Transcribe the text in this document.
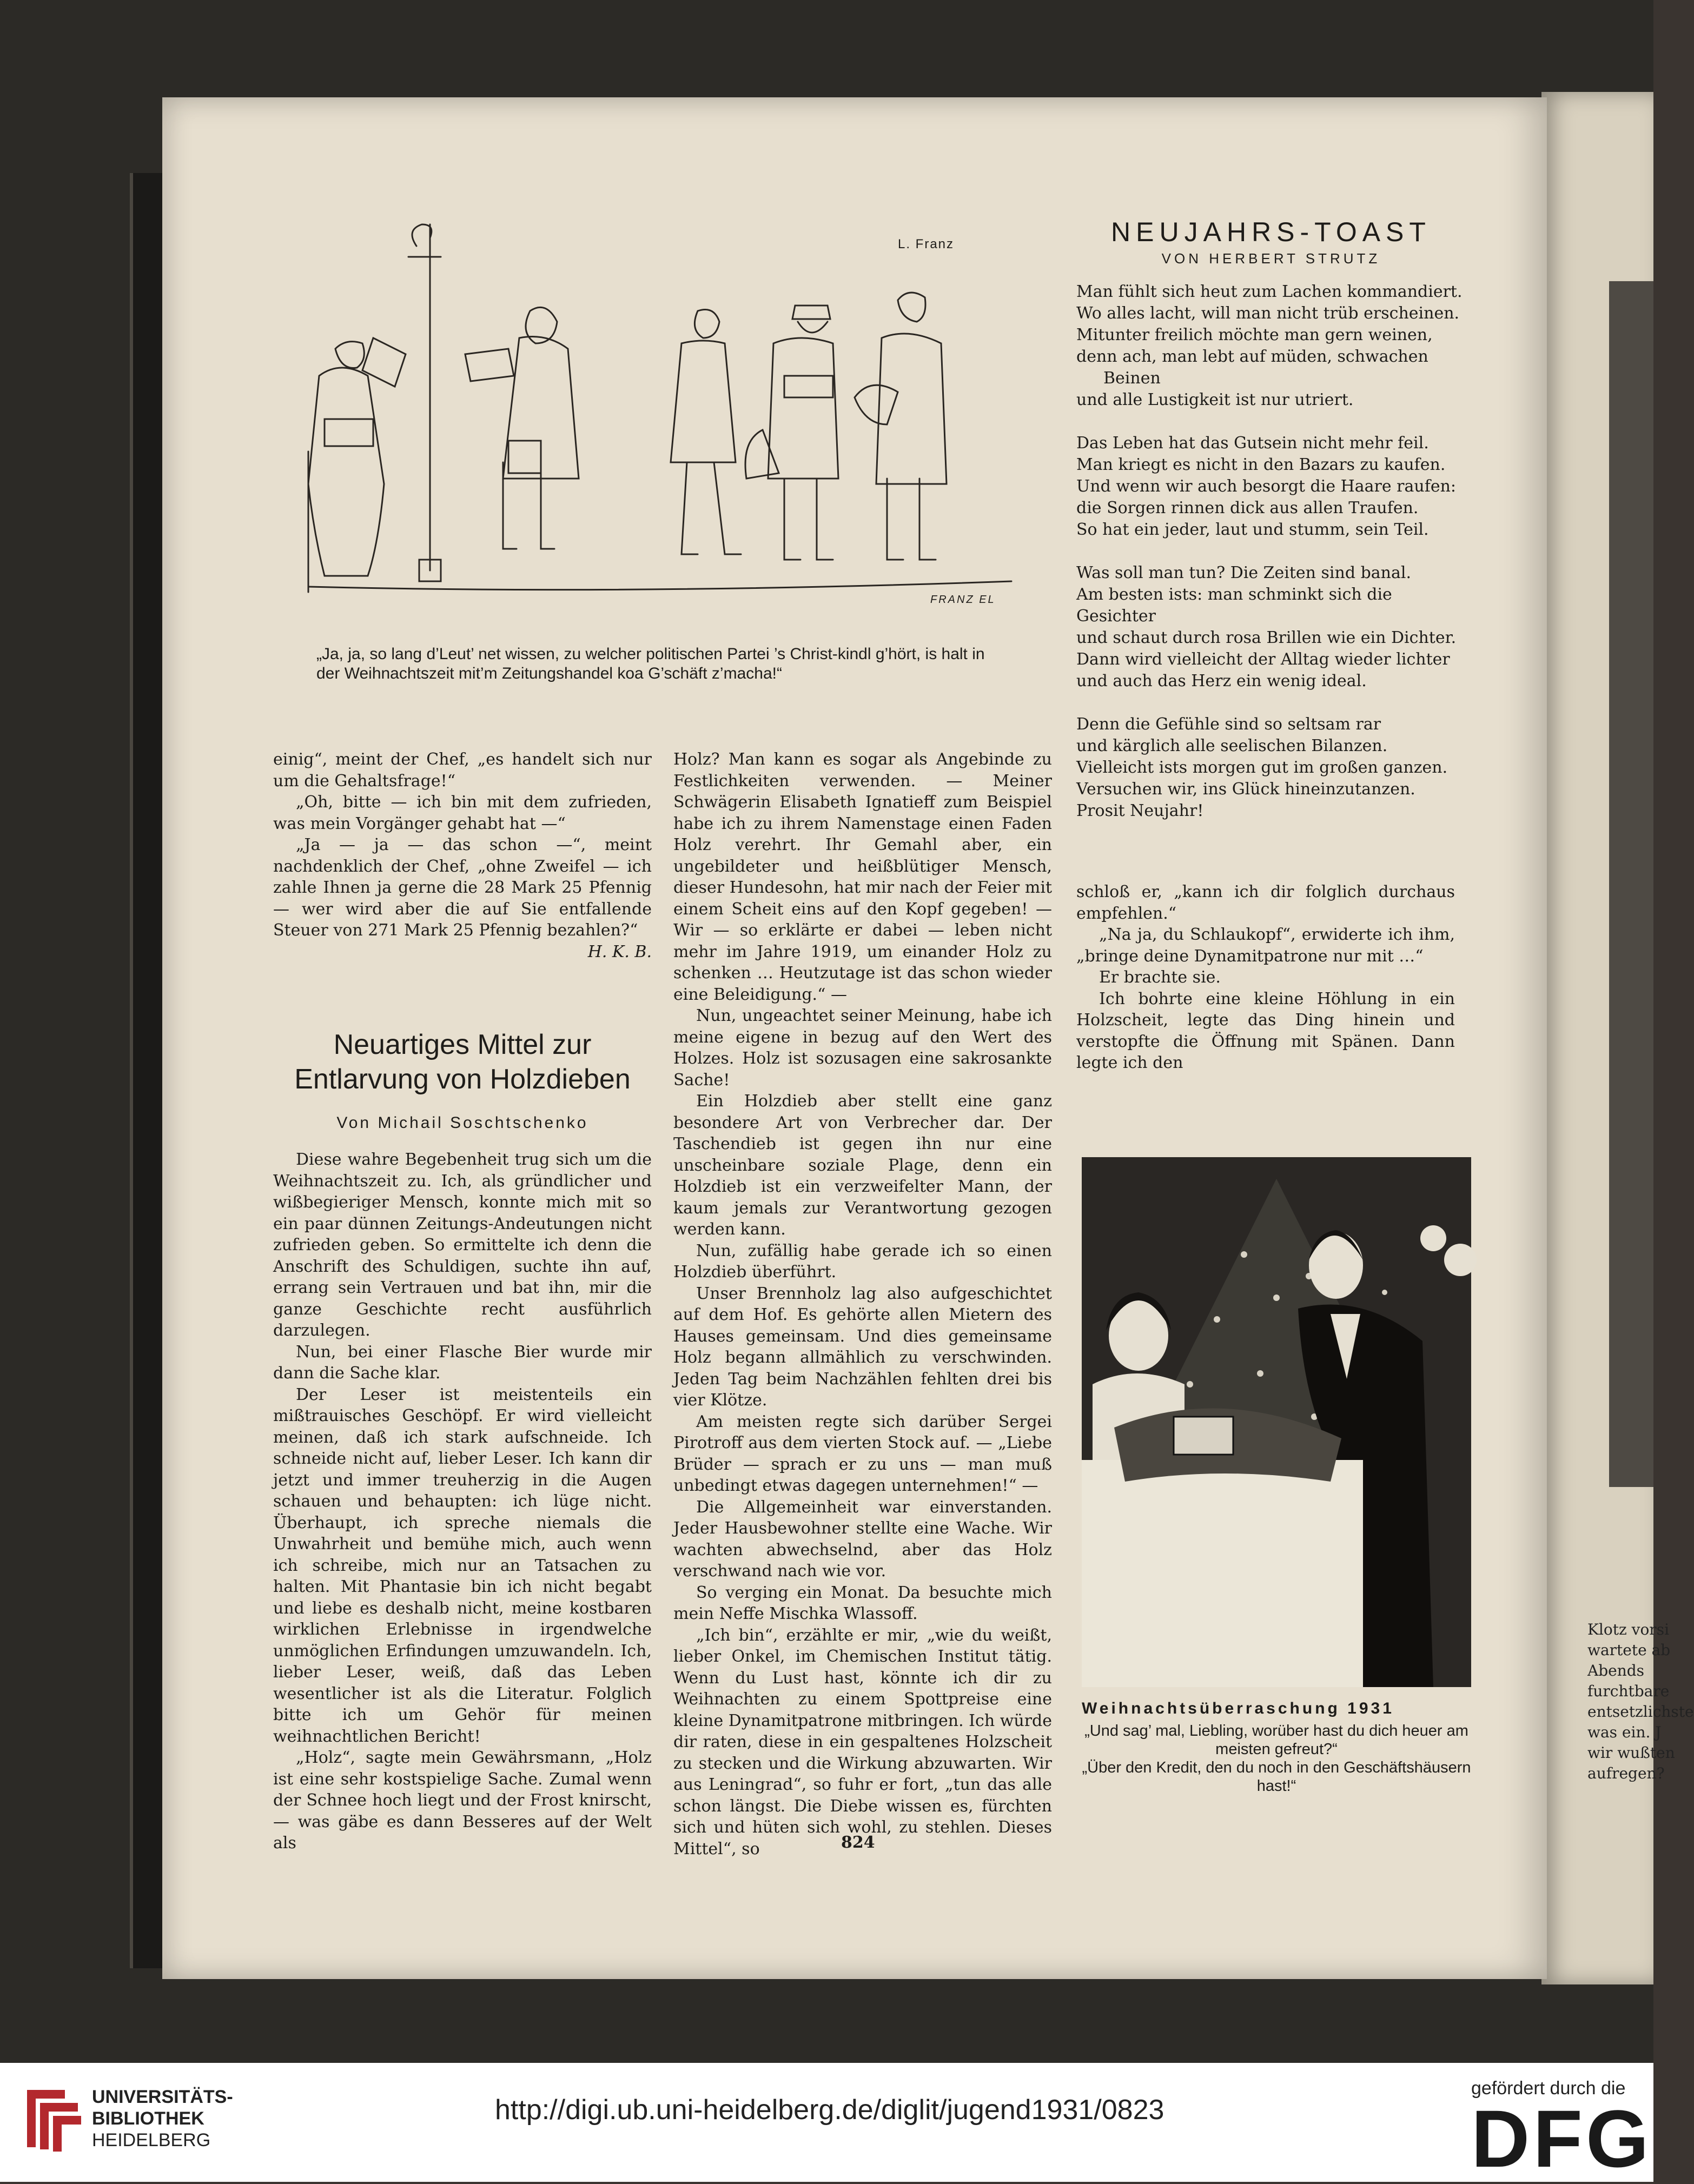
Klotz vorsi
wartete ab
Abends
furchtbare
entsetzlichste
was ein. J
wir wußten
aufregen?
L. Franz
FRANZ EL
„Ja, ja, so lang d’Leut’ net wissen, zu welcher politischen Partei ’s Christ-kindl g’hört, is halt in der Weihnachtszeit mit’m Zeitungshandel koa G’schäft z’macha!“
NEUJAHRS-TOAST
VON HERBERT STRUTZ
Man fühlt sich heut zum Lachen kommandiert.
Wo alles lacht, will man nicht trüb erscheinen.
Mitunter freilich möchte man gern weinen,
denn ach, man lebt auf müden, schwachen
Beinen
und alle Lustigkeit ist nur utriert.
Das Leben hat das Gutsein nicht mehr feil.
Man kriegt es nicht in den Bazars zu kaufen.
Und wenn wir auch besorgt die Haare raufen:
die Sorgen rinnen dick aus allen Traufen.
So hat ein jeder, laut und stumm, sein Teil.
Was soll man tun? Die Zeiten sind banal.
Am besten ists: man schminkt sich die Gesichter
und schaut durch rosa Brillen wie ein Dichter.
Dann wird vielleicht der Alltag wieder lichter
und auch das Herz ein wenig ideal.
Denn die Gefühle sind so seltsam rar
und kärglich alle seelischen Bilanzen.
Vielleicht ists morgen gut im großen ganzen.
Versuchen wir, ins Glück hineinzutanzen.
Prosit Neujahr!

einig“, meint der Chef, „es handelt sich nur um die Gehaltsfrage!“

„Oh, bitte — ich bin mit dem zufrieden, was mein Vorgänger gehabt hat —“

„Ja — ja — das schon —“, meint nachdenklich der Chef, „ohne Zweifel — ich zahle Ihnen ja gerne die 28 Mark 25 Pfennig — wer wird aber die auf Sie entfallende Steuer von 271 Mark 25 Pfennig bezahlen?“

H. K. B.
Neuartiges Mittel zur
Entlarvung von Holzdieben
Von Michail Soschtschenko

Diese wahre Begebenheit trug sich um die Weihnachtszeit zu. Ich, als gründlicher und wißbegieriger Mensch, konnte mich mit so ein paar dünnen Zeitungs-Andeutungen nicht zufrieden geben. So ermittelte ich denn die Anschrift des Schuldigen, suchte ihn auf, errang sein Vertrauen und bat ihn, mir die ganze Geschichte recht ausführlich darzulegen.

Nun, bei einer Flasche Bier wurde mir dann die Sache klar.

Der Leser ist meistenteils ein mißtrauisches Geschöpf. Er wird vielleicht meinen, daß ich stark aufschneide. Ich schneide nicht auf, lieber Leser. Ich kann dir jetzt und immer treuherzig in die Augen schauen und behaupten: ich lüge nicht. Überhaupt, ich spreche niemals die Unwahrheit und bemühe mich, auch wenn ich schreibe, mich nur an Tatsachen zu halten. Mit Phantasie bin ich nicht begabt und liebe es deshalb nicht, meine kostbaren wirklichen Erlebnisse in irgendwelche unmöglichen Erfindungen umzuwandeln. Ich, lieber Leser, weiß, daß das Leben wesentlicher ist als die Literatur. Folglich bitte ich um Gehör für meinen weihnachtlichen Bericht!

„Holz“, sagte mein Gewährsmann, „Holz ist eine sehr kostspielige Sache. Zumal wenn der Schnee hoch liegt und der Frost knirscht, — was gäbe es dann Besseres auf der Welt als

Holz? Man kann es sogar als Angebinde zu Festlichkeiten verwenden. — Meiner Schwägerin Elisabeth Ignatieff zum Beispiel habe ich zu ihrem Namenstage einen Faden Holz verehrt. Ihr Gemahl aber, ein ungebildeter und heißblütiger Mensch, dieser Hundesohn, hat mir nach der Feier mit einem Scheit eins auf den Kopf gegeben! — Wir — so erklärte er dabei — leben nicht mehr im Jahre 1919, um einander Holz zu schenken … Heutzutage ist das schon wieder eine Beleidigung.“ —

Nun, ungeachtet seiner Meinung, habe ich meine eigene in bezug auf den Wert des Holzes. Holz ist sozusagen eine sakrosankte Sache!

Ein Holzdieb aber stellt eine ganz besondere Art von Verbrecher dar. Der Taschendieb ist gegen ihn nur eine unscheinbare soziale Plage, denn ein Holzdieb ist ein verzweifelter Mann, der kaum jemals zur Verantwortung gezogen werden kann.

Nun, zufällig habe gerade ich so einen Holzdieb überführt.

Unser Brennholz lag also aufgeschichtet auf dem Hof. Es gehörte allen Mietern des Hauses gemeinsam. Und dies gemeinsame Holz begann allmählich zu verschwinden. Jeden Tag beim Nachzählen fehlten drei bis vier Klötze.

Am meisten regte sich darüber Sergei Pirotroff aus dem vierten Stock auf. — „Liebe Brüder — sprach er zu uns — man muß unbedingt etwas dagegen unternehmen!“ —

Die Allgemeinheit war einverstanden. Jeder Hausbewohner stellte eine Wache. Wir wachten abwechselnd, aber das Holz verschwand nach wie vor.

So verging ein Monat. Da besuchte mich mein Neffe Mischka Wlassoff.

„Ich bin“, erzählte er mir, „wie du weißt, lieber Onkel, im Chemischen Institut tätig. Wenn du Lust hast, könnte ich dir zu Weihnachten zu einem Spottpreise eine kleine Dynamitpatrone mitbringen. Ich würde dir raten, diese in ein gespaltenes Holzscheit zu stecken und die Wirkung abzuwarten. Wir aus Leningrad“, so fuhr er fort, „tun das alle schon längst. Die Diebe wissen es, fürchten sich und hüten sich wohl, zu stehlen. Dieses Mittel“, so

schloß er, „kann ich dir folglich durchaus empfehlen.“

„Na ja, du Schlaukopf“, erwiderte ich ihm, „bringe deine Dynamitpatrone nur mit …“

Er brachte sie.

Ich bohrte eine kleine Höhlung in ein Holzscheit, legte das Ding hinein und verstopfte die Öffnung mit Spänen. Dann legte ich den

Weihnachtsüberraschung 1931
„Und sag’ mal, Liebling, worüber hast du dich heuer am meisten gefreut?“
„Über den Kredit, den du noch in den Geschäftshäusern hast!“
824
UNIVERSITÄTS-
BIBLIOTHEK
HEIDELBERG
http://digi.ub.uni-heidelberg.de/diglit/jugend1931/0823
gefördert durch die
DFG
